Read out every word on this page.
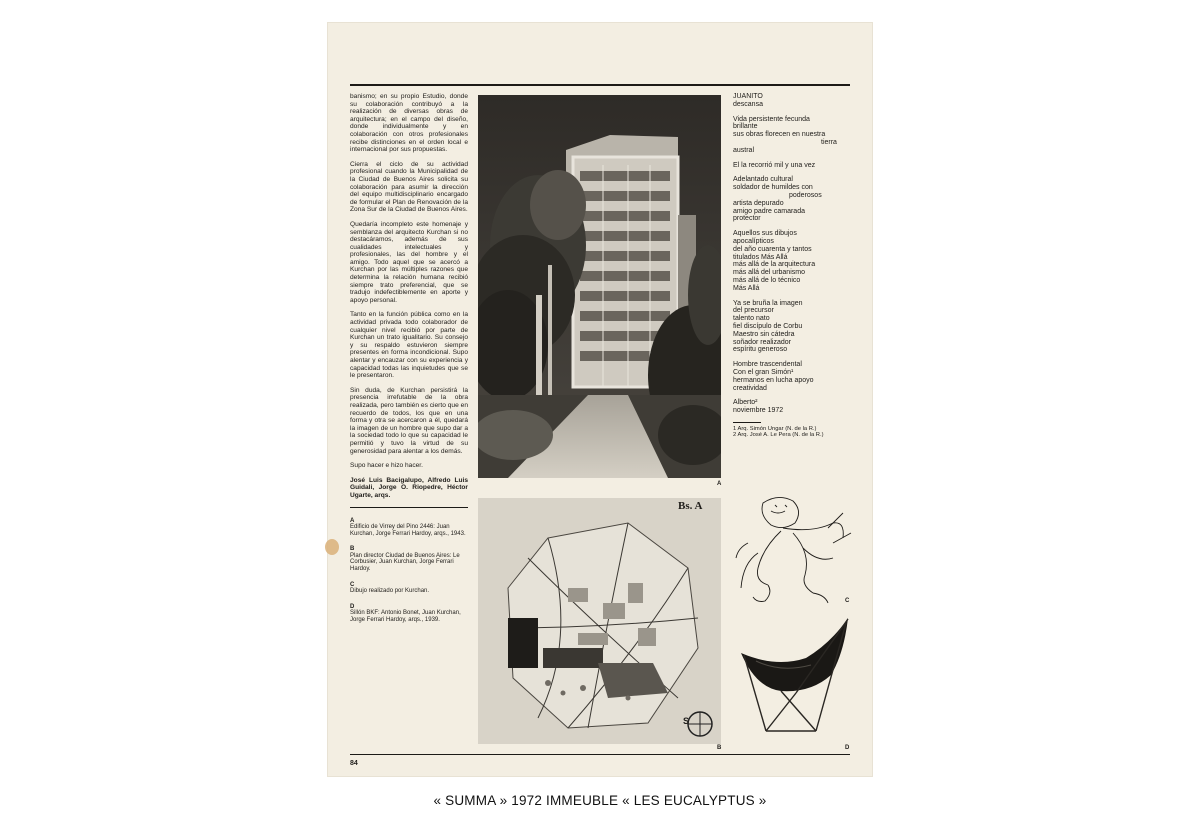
banismo; en su propio Estudio, donde su colaboración contribuyó a la realización de diversas obras de arquitectura; en el campo del diseño, donde individualmente y en colaboración con otros profesionales recibe distinciones en el orden local e internacional por sus propuestas.

Cierra el ciclo de su actividad profesional cuando la Municipalidad de la Ciudad de Buenos Aires solicita su colaboración para asumir la dirección del equipo multidisciplinario encargado de formular el Plan de Renovación de la Zona Sur de la Ciudad de Buenos Aires.

Quedaría incompleto este homenaje y semblanza del arquitecto Kurchan si no destacáramos, además de sus cualidades intelectuales y profesionales, las del hombre y el amigo. Todo aquel que se acercó a Kurchan por las múltiples razones que determina la relación humana recibió siempre trato preferencial, que se tradujo indefectiblemente en aporte y apoyo personal.

Tanto en la función pública como en la actividad privada todo colaborador de cualquier nivel recibió por parte de Kurchan un trato igualitario. Su consejo y su respaldo estuvieron siempre presentes en forma incondicional. Supo alentar y encauzar con su experiencia y capacidad todas las inquietudes que se le presentaron.

Sin duda, de Kurchan persistirá la presencia irrefutable de la obra realizada, pero también es cierto que en recuerdo de todos, los que en una forma y otra se acercaron a él, quedará la imagen de un hombre que supo dar a la sociedad todo lo que su capacidad le permitió y tuvo la virtud de su generosidad para alentar a los demás.

Supo hacer e hizo hacer.

José Luis Bacigalupo, Alfredo Luis Guidali, Jorge O. Riopedre, Héctor Ugarte, arqs.

A
Edificio de Virrey del Pino 2446: Juan Kurchan, Jorge Ferrari Hardoy, arqs., 1943.
B
Plan director Ciudad de Buenos Aires: Le Corbusier, Juan Kurchan, Jorge Ferrari Hardoy.
C
Dibujo realizado por Kurchan.
D
Sillón BKF: Antonio Bonet, Juan Kurchan, Jorge Ferrari Hardoy, arqs., 1939.
A
Bs. A
S
B
JUANITO
descansa
Vida persistente fecunda
brillante
sus obras florecen en nuestra
tierra
austral
El la recorrió mil y una vez
Adelantado cultural
soldador de humildes con
poderosos
artista depurado
amigo padre camarada
protector
Aquellos sus dibujos
apocalípticos
del año cuarenta y tantos
titulados Más Allá
más allá de la arquitectura
más allá del urbanismo
más allá de lo técnico
Más Allá
Ya se bruña la imagen
del precursor
talento nato
fiel discípulo de Corbu
Maestro sin cátedra
soñador realizador
espíritu generoso
Hombre trascendental
Con el gran Simón¹
hermanos en lucha apoyo
creatividad
Alberto²
noviembre 1972
1 Arq. Simón Ungar (N. de la R.)
2 Arq. José A. Le Pera (N. de la R.)
C
D
84
« SUMMA » 1972 IMMEUBLE « LES EUCALYPTUS »
